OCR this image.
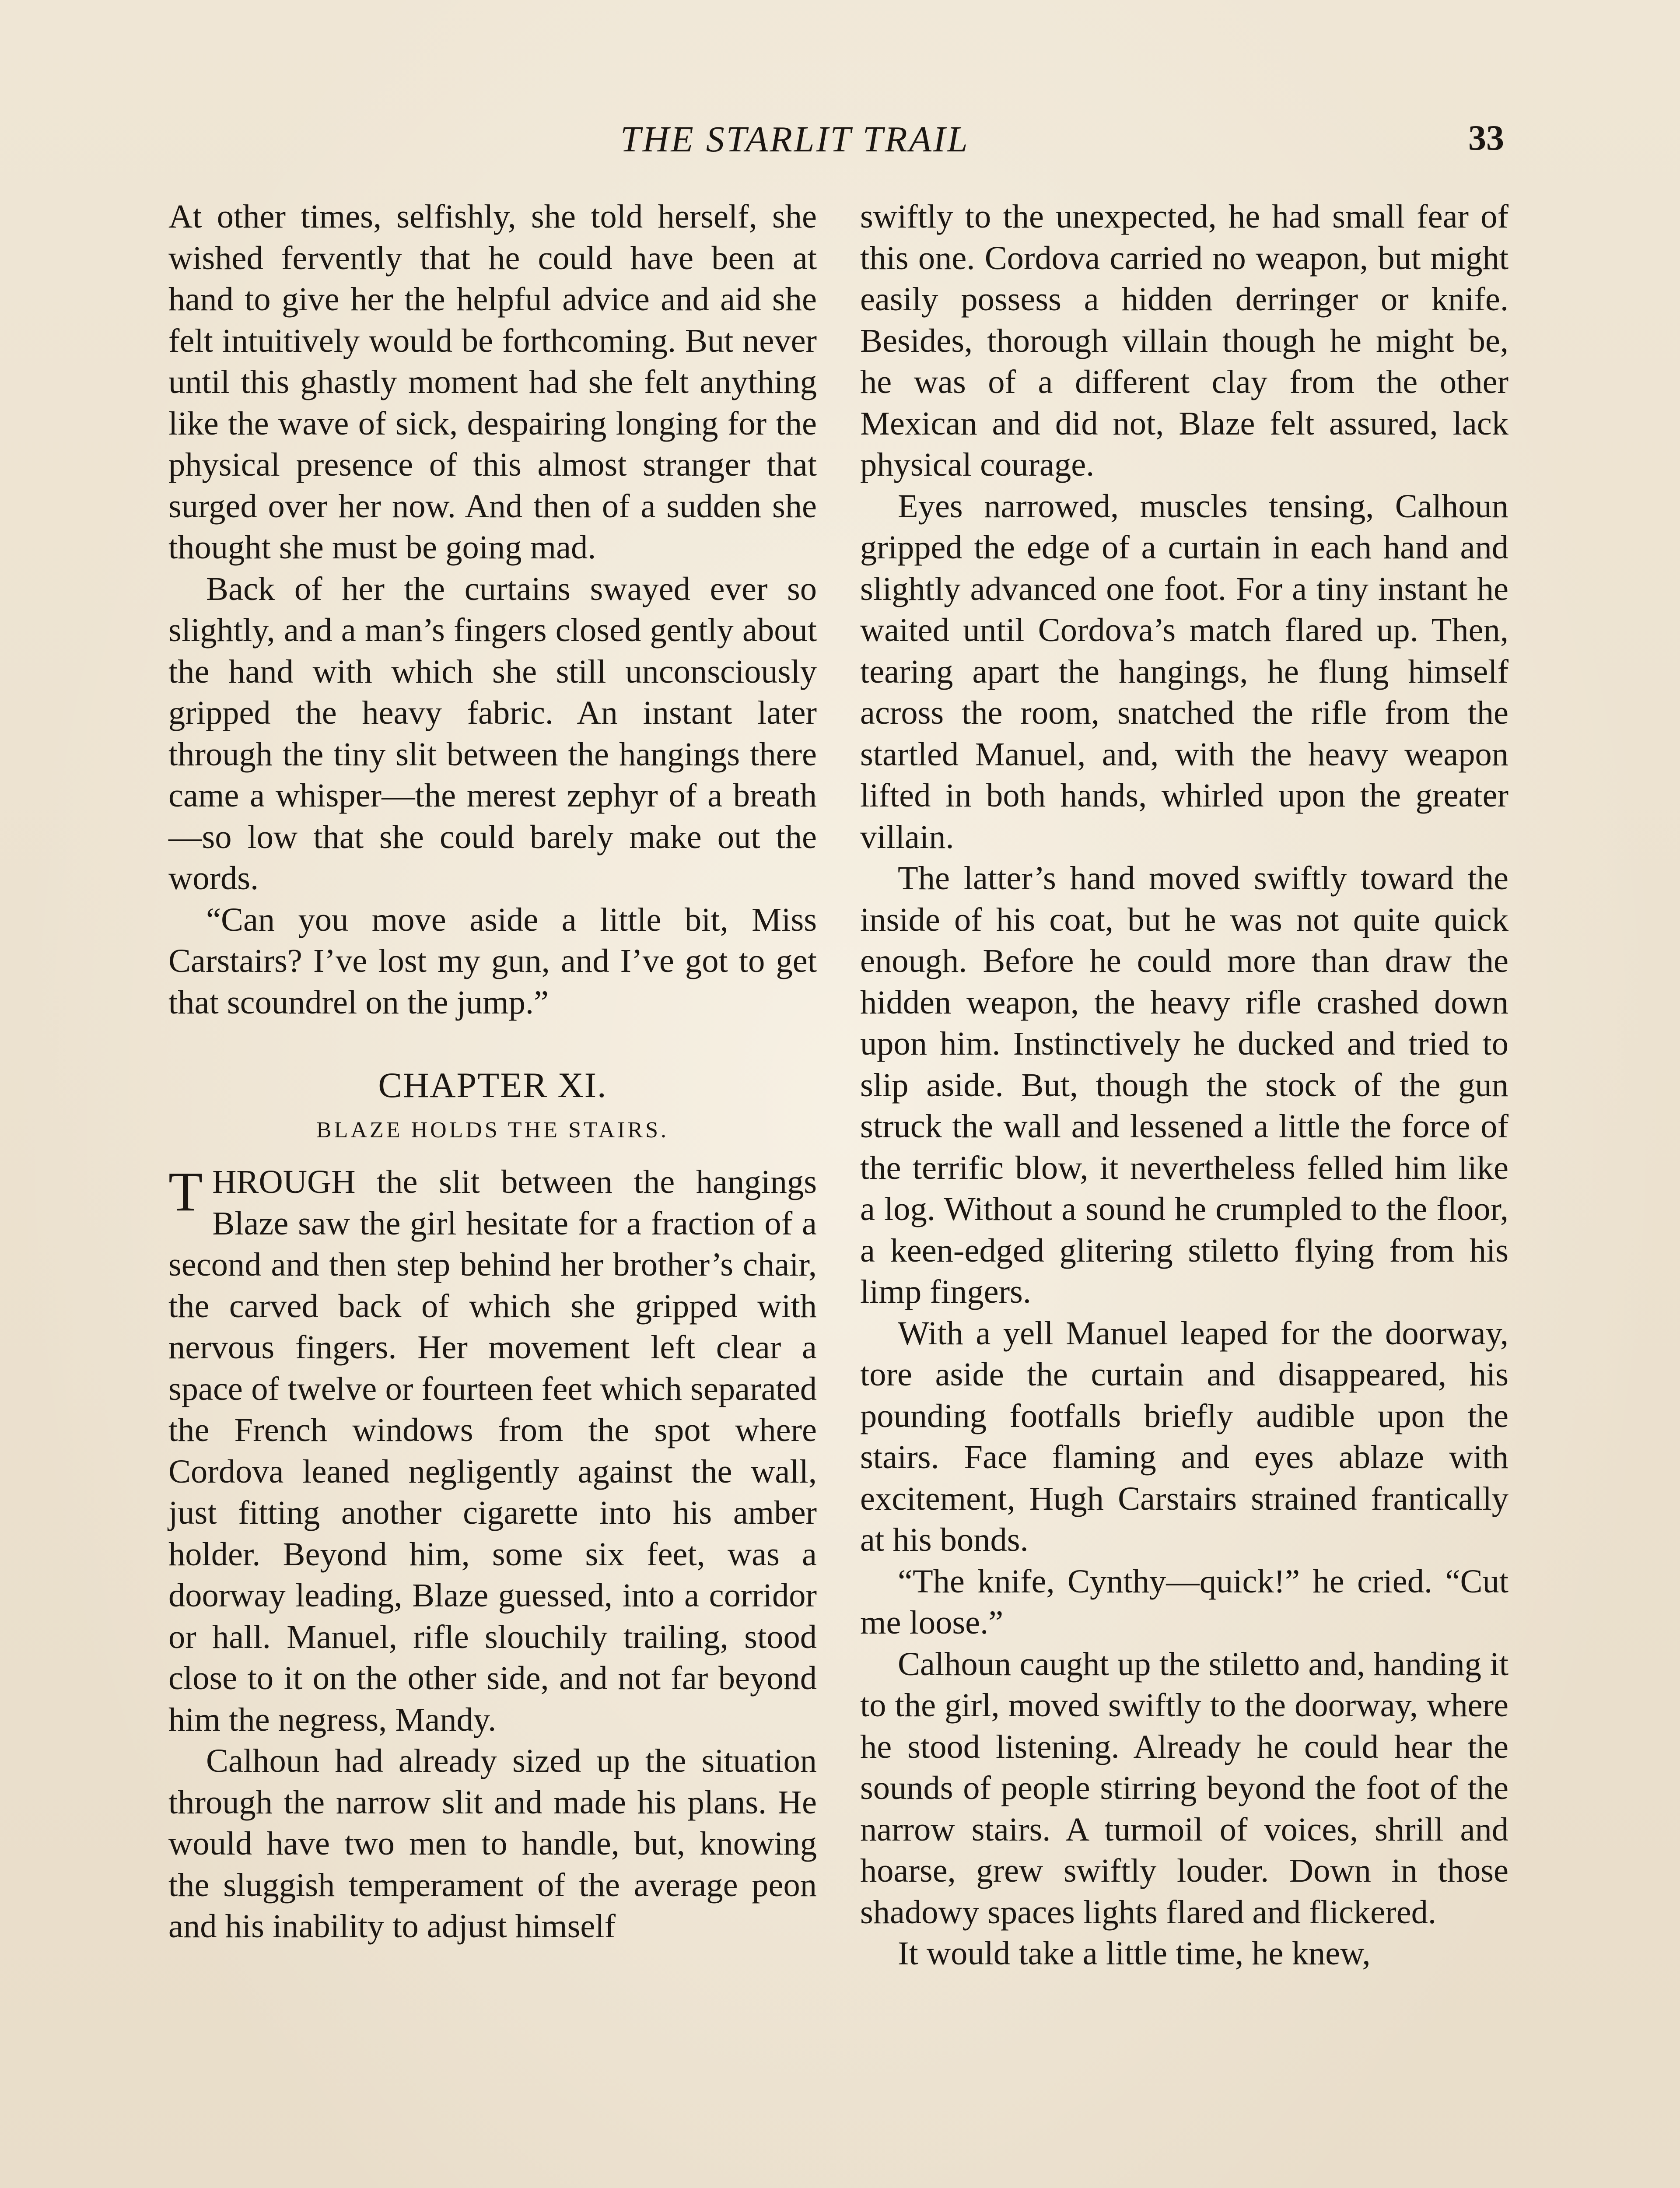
THE STARLIT TRAIL	33

At other times, selfishly, she told herself, she wished fervently that he could have been at hand to give her the helpful advice and aid she felt intuitively would be forthcoming. But never until this ghastly moment had she felt anything like the wave of sick, despairing longing for the physical presence of this almost stranger that surged over her now. And then of a sudden she thought she must be going mad.

Back of her the curtains swayed ever so slightly, and a man’s fingers closed gently about the hand with which she still unconsciously gripped the heavy fabric. An instant later through the tiny slit between the hangings there came a whisper—the merest zephyr of a breath—so low that she could barely make out the words.

“Can you move aside a little bit, Miss Carstairs? I’ve lost my gun, and I’ve got to get that scoundrel on the jump.”

CHAPTER XI.
BLAZE HOLDS THE STAIRS.

THROUGH the slit between the hangings Blaze saw the girl hesitate for a fraction of a second and then step behind her brother’s chair, the carved back of which she gripped with nervous fingers. Her movement left clear a space of twelve or fourteen feet which separated the French windows from the spot where Cordova leaned negligently against the wall, just fitting another cigarette into his amber holder. Beyond him, some six feet, was a doorway leading, Blaze guessed, into a corridor or hall. Manuel, rifle slouchily trailing, stood close to it on the other side, and not far beyond him the negress, Mandy.

Calhoun had already sized up the situation through the narrow slit and made his plans. He would have two men to handle, but, knowing the sluggish temperament of the average peon and his inability to adjust himself

swiftly to the unexpected, he had small fear of this one. Cordova carried no weapon, but might easily possess a hidden derringer or knife. Besides, thorough villain though he might be, he was of a different clay from the other Mexican and did not, Blaze felt assured, lack physical courage.

Eyes narrowed, muscles tensing, Calhoun gripped the edge of a curtain in each hand and slightly advanced one foot. For a tiny instant he waited until Cordova’s match flared up. Then, tearing apart the hangings, he flung himself across the room, snatched the rifle from the startled Manuel, and, with the heavy weapon lifted in both hands, whirled upon the greater villain.

The latter’s hand moved swiftly toward the inside of his coat, but he was not quite quick enough. Before he could more than draw the hidden weapon, the heavy rifle crashed down upon him. Instinctively he ducked and tried to slip aside. But, though the stock of the gun struck the wall and lessened a little the force of the terrific blow, it nevertheless felled him like a log. Without a sound he crumpled to the floor, a keen-edged glitering stiletto flying from his limp fingers.

With a yell Manuel leaped for the doorway, tore aside the curtain and disappeared, his pounding footfalls briefly audible upon the stairs. Face flaming and eyes ablaze with excitement, Hugh Carstairs strained frantically at his bonds.

“The knife, Cynthy—quick!” he cried. “Cut me loose.”

Calhoun caught up the stiletto and, handing it to the girl, moved swiftly to the doorway, where he stood listening. Already he could hear the sounds of people stirring beyond the foot of the narrow stairs. A turmoil of voices, shrill and hoarse, grew swiftly louder. Down in those shadowy spaces lights flared and flickered.

It would take a little time, he knew,
